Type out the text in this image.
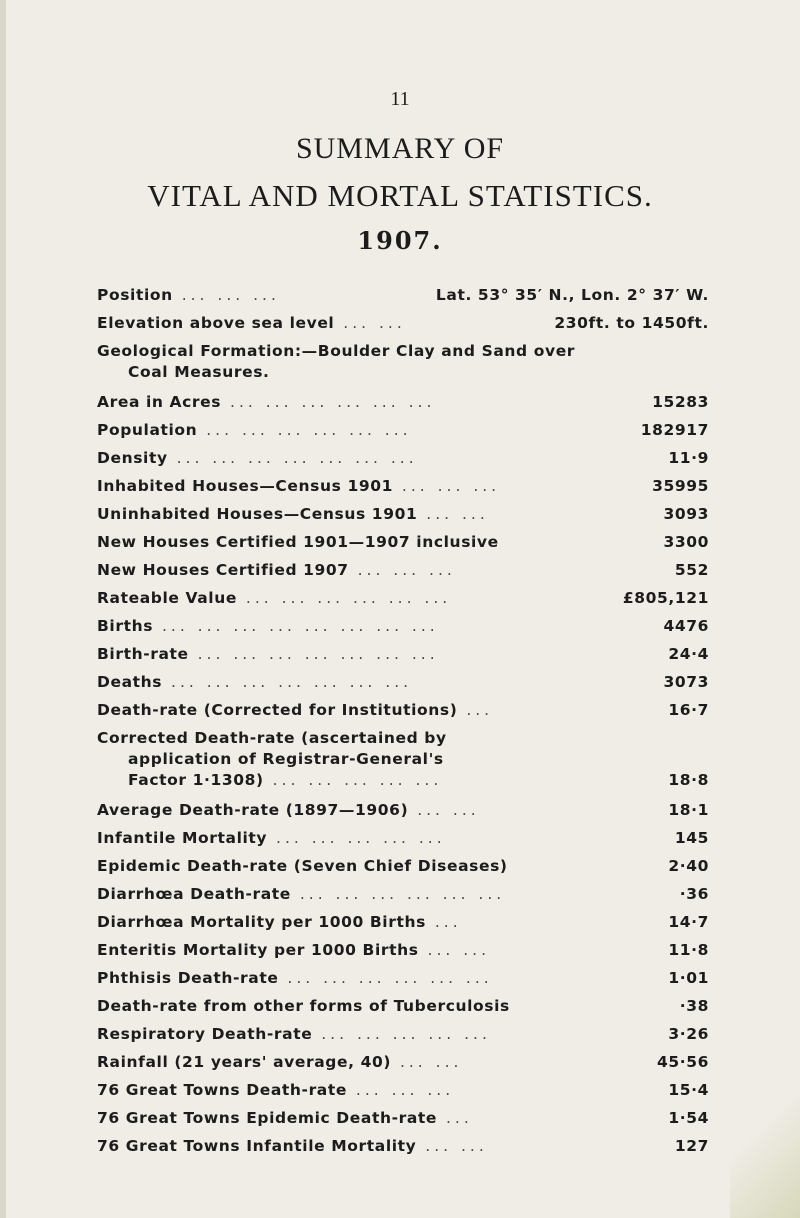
11
SUMMARY OF
VITAL AND MORTAL STATISTICS.
1907.
Position ... ... ...	Lat. 53° 35′ N., Lon. 2° 37′ W.
Elevation above sea level ... ...	230ft. to 1450ft.
Geological Formation:—Boulder Clay and Sand over
Coal Measures.
Area in Acres ... ... ... ... ... ...	15283
Population ... ... ... ... ... ...	182917
Density ... ... ... ... ... ... ...	11·9
Inhabited Houses—Census 1901 ... ... ...	35995
Uninhabited Houses—Census 1901 ... ...	3093
New Houses Certified 1901—1907 inclusive	3300
New Houses Certified 1907 ... ... ...	552
Rateable Value ... ... ... ... ... ...	£805,121
Births ... ... ... ... ... ... ... ...	4476
Birth-rate ... ... ... ... ... ... ...	24·4
Deaths ... ... ... ... ... ... ...	3073
Death-rate (Corrected for Institutions) ...	16·7
Corrected Death-rate (ascertained by
application of Registrar-General's
Factor 1·1308) ... ... ... ... ...	18·8
Average Death-rate (1897—1906) ... ...	18·1
Infantile Mortality ... ... ... ... ...	145
Epidemic Death-rate (Seven Chief Diseases)	2·40
Diarrhœa Death-rate ... ... ... ... ... ...	·36
Diarrhœa Mortality per 1000 Births ...	14·7
Enteritis Mortality per 1000 Births ... ...	11·8
Phthisis Death-rate ... ... ... ... ... ...	1·01
Death-rate from other forms of Tuberculosis	·38
Respiratory Death-rate ... ... ... ... ...	3·26
Rainfall (21 years' average, 40) ... ...	45·56
76 Great Towns Death-rate ... ... ...	15·4
76 Great Towns Epidemic Death-rate ...	1·54
76 Great Towns Infantile Mortality ... ...	127
